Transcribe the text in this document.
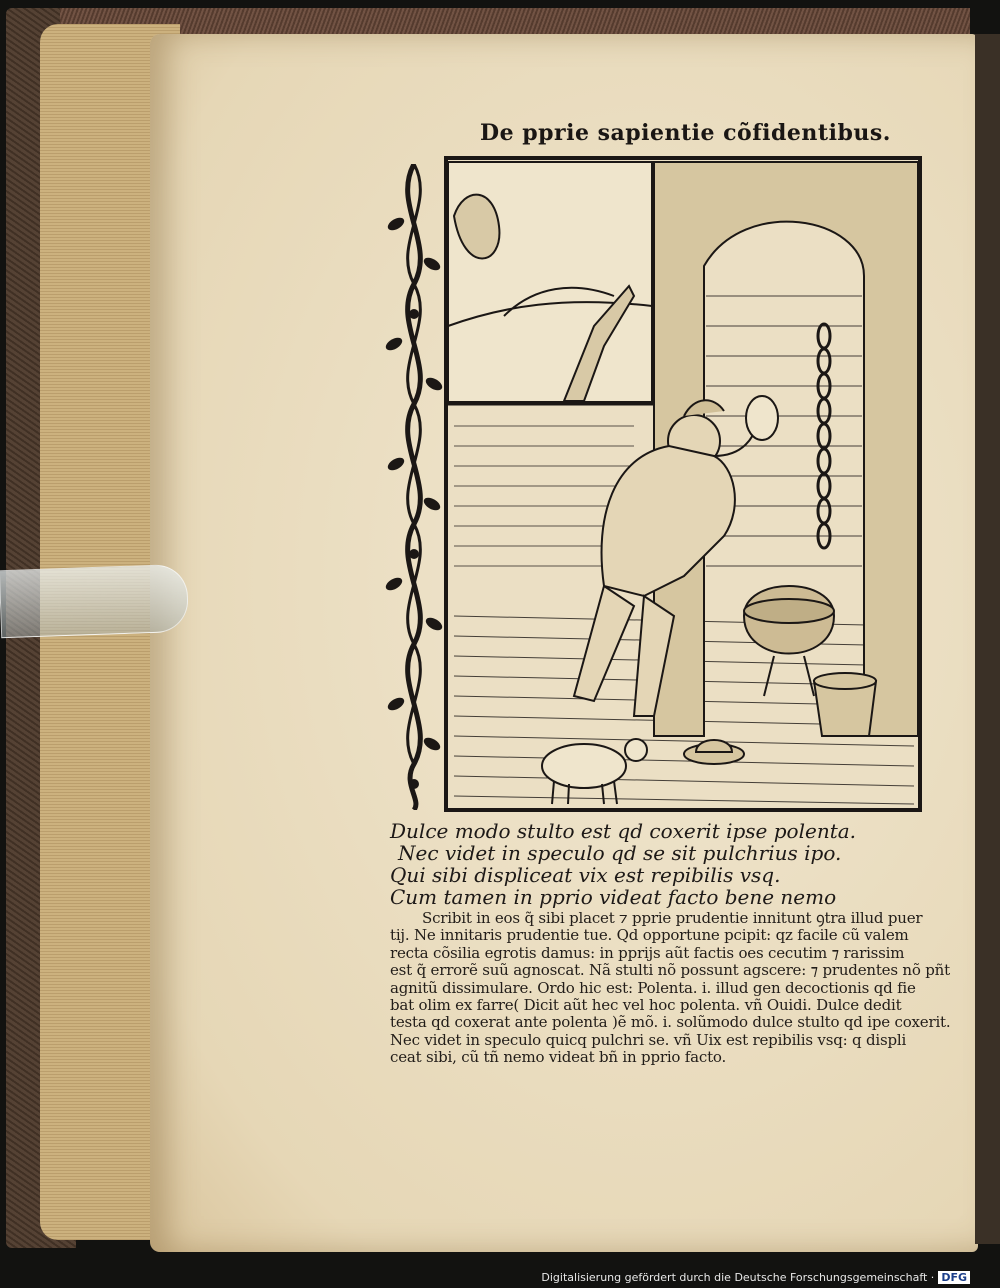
De pprie sapientie cõfidentibus.
Dulce modo stulto est qd coxerit ipse polenta.
Nec videt in speculo qd se sit pulchrius ipo.
Qui sibi displiceat vix est repibilis vsq.
Cum tamen in pprio videat facto bene nemo
Scribit in eos q̃ sibi placet ⁊ pprie prudentie innitunt ꝯtra illud puer
tij. Ne innitaris prudentie tue. Qd opportune pcipit: qz facile cũ valem
recta cõsilia egrotis damus: in pprijs aũt factis oes cecutim ⁊ rarissim
est q̃ errorẽ suũ agnoscat. Nã stulti nõ possunt agscere: ⁊ prudentes nõ pñt
agnitũ dissimulare. Ordo hic est: Polenta. i. illud gen decoctionis qd fie
bat olim ex farre( Dicit aũt hec vel hoc polenta. vñ Ouidi. Dulce dedit
testa qd coxerat ante polenta )ẽ mõ. i. solũmodo dulce stulto qd ipe coxerit.
Nec videt in speculo quicq pulchri se. vñ Uix est repibilis vsq: q displi
ceat sibi, cũ tñ nemo videat bñ in pprio facto.
Digitalisierung gefördert durch die Deutsche Forschungsgemeinschaft · DFG
